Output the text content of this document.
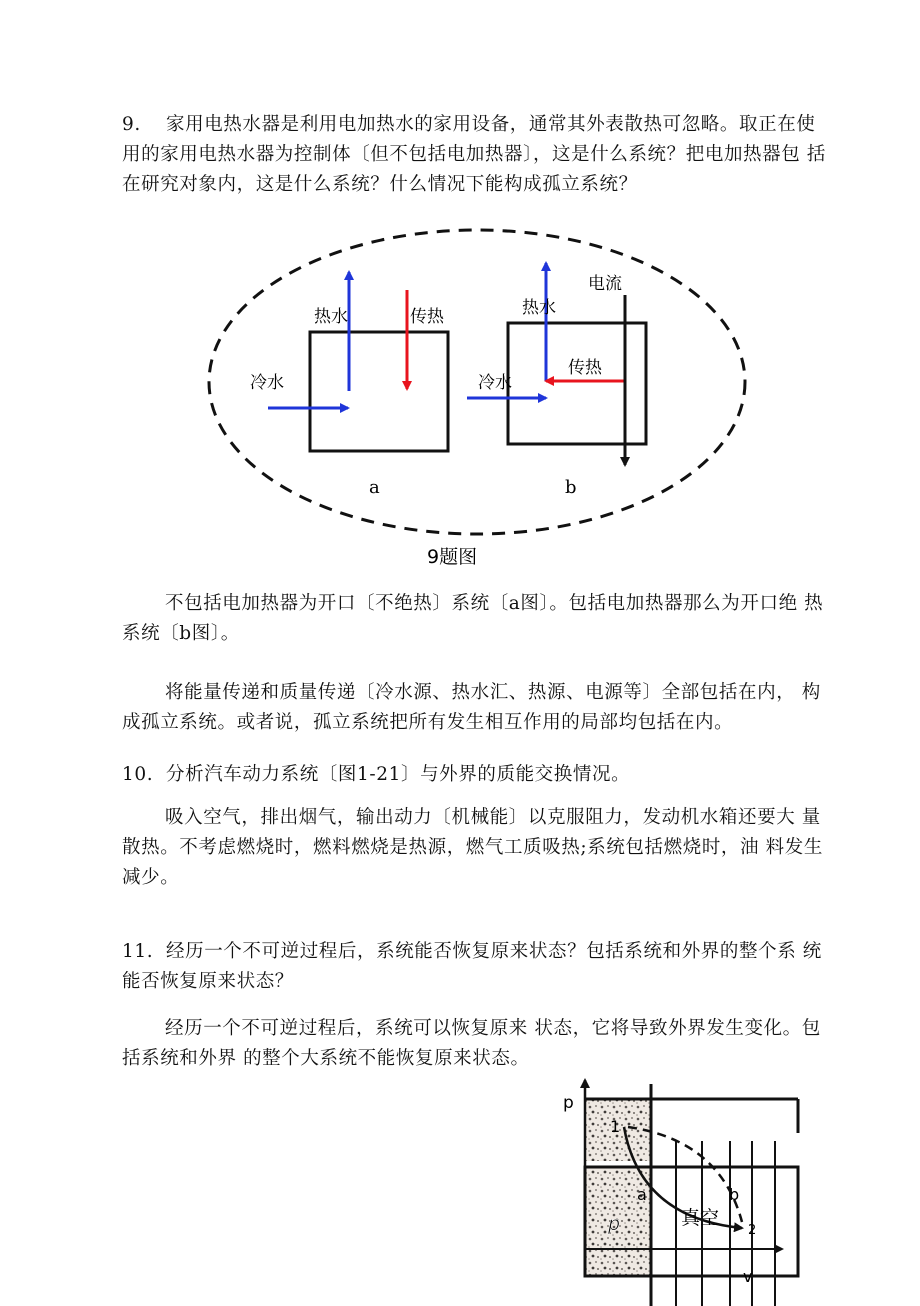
9. 家用电热水器是利用电加热水的家用设备，通常其外表散热可忽略。取正在使用的家用电热水器为控制体〔但不包括电加热器〕，这是什么系统？把电加热器包 括在研究对象内，这是什么系统？什么情况下能构成孤立系统？

热水	传热
冷水
a
电流
热水
传热
冷水
b
9题图

不包括电加热器为开口〔不绝热〕系统〔a图〕。包括电加热器那么为开口绝 热系统〔b图〕。

将能量传递和质量传递〔冷水源、热水汇、热源、电源等〕全部包括在内， 构成孤立系统。或者说，孤立系统把所有发生相互作用的局部均包括在内。

10. 分析汽车动力系统〔图1-21〕与外界的质能交换情况。

吸入空气，排出烟气，输出动力〔机械能〕以克服阻力，发动机水箱还要大 量散热。不考虑燃烧时，燃料燃烧是热源，燃气工质吸热;系统包括燃烧时，油 料发生减少。

11. 经历一个不可逆过程后，系统能否恢复原来状态？包括系统和外界的整个系 统能否恢复原来状态？

经历一个不可逆过程后，系统可以恢复原来 状态，它将导致外界发生变化。包括系统和外界 的整个大系统不能恢复原来状态。

p
v
1
a	b
2
p	真空
